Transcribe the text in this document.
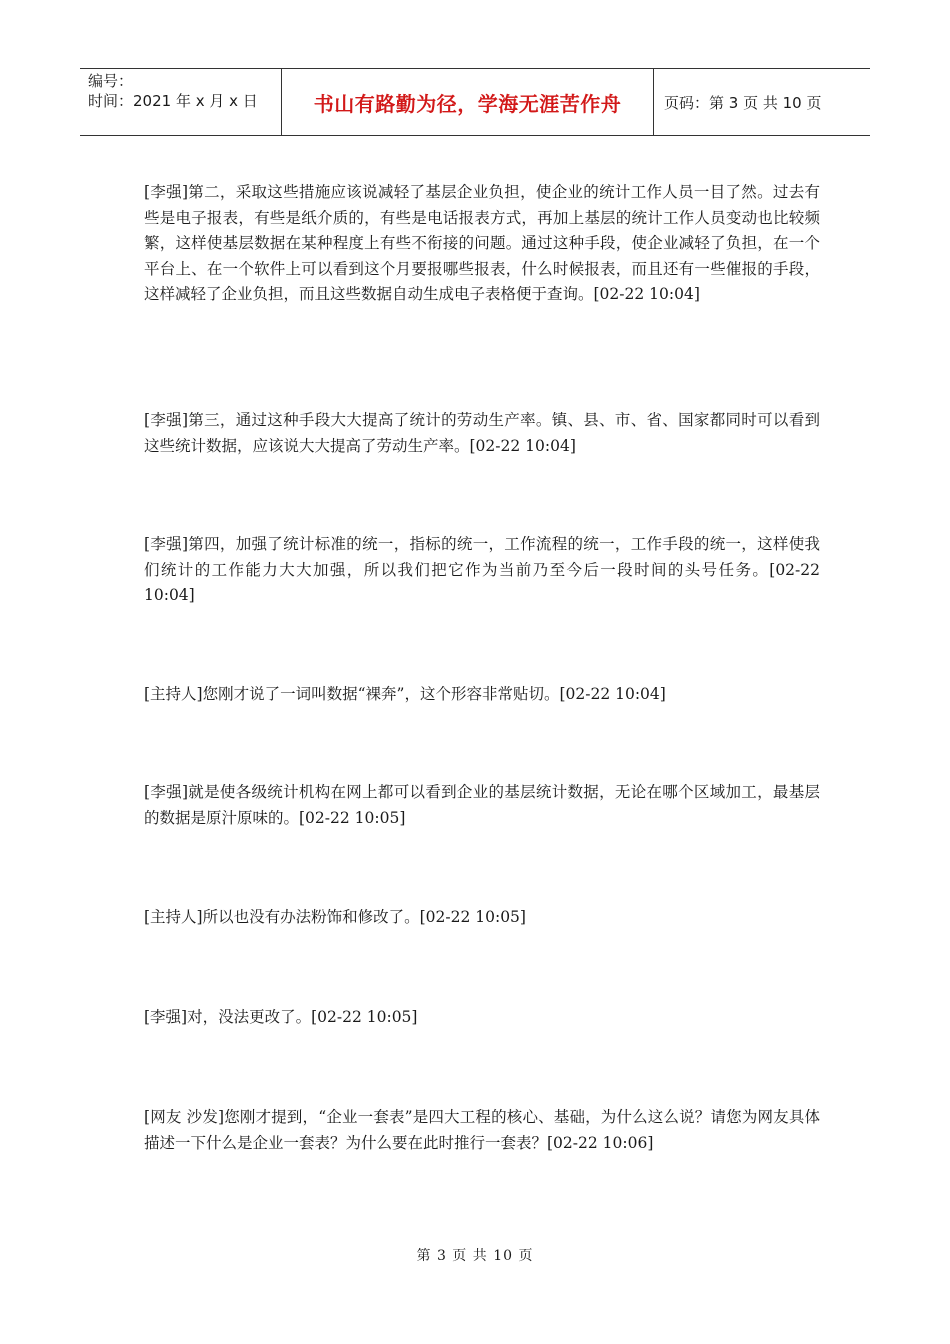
编号：
时间：2021 年 x 月 x 日	书山有路勤为径，学海无涯苦作舟	页码：第 3 页 共 10 页

[李强]第二，采取这些措施应该说减轻了基层企业负担，使企业的统计工作人员一目了然。过去有些是电子报表，有些是纸介质的，有些是电话报表方式，再加上基层的统计工作人员变动也比较频繁，这样使基层数据在某种程度上有些不衔接的问题。通过这种手段，使企业减轻了负担，在一个平台上、在一个软件上可以看到这个月要报哪些报表，什么时候报表，而且还有一些催报的手段，这样减轻了企业负担，而且这些数据自动生成电子表格便于查询。[02-22 10:04]

[李强]第三，通过这种手段大大提高了统计的劳动生产率。镇、县、市、省、国家都同时可以看到这些统计数据，应该说大大提高了劳动生产率。[02-22 10:04]

[李强]第四，加强了统计标准的统一，指标的统一，工作流程的统一，工作手段的统一，这样使我们统计的工作能力大大加强，所以我们把它作为当前乃至今后一段时间的头号任务。[02-22 10:04]

[主持人]您刚才说了一词叫数据“裸奔”，这个形容非常贴切。[02-22 10:04]

[李强]就是使各级统计机构在网上都可以看到企业的基层统计数据，无论在哪个区域加工，最基层的数据是原汁原味的。[02-22 10:05]

[主持人]所以也没有办法粉饰和修改了。[02-22 10:05]

[李强]对，没法更改了。[02-22 10:05]

[网友 沙发]您刚才提到，“企业一套表”是四大工程的核心、基础，为什么这么说？请您为网友具体描述一下什么是企业一套表？为什么要在此时推行一套表？[02-22 10:06]

第 3 页 共 10 页
